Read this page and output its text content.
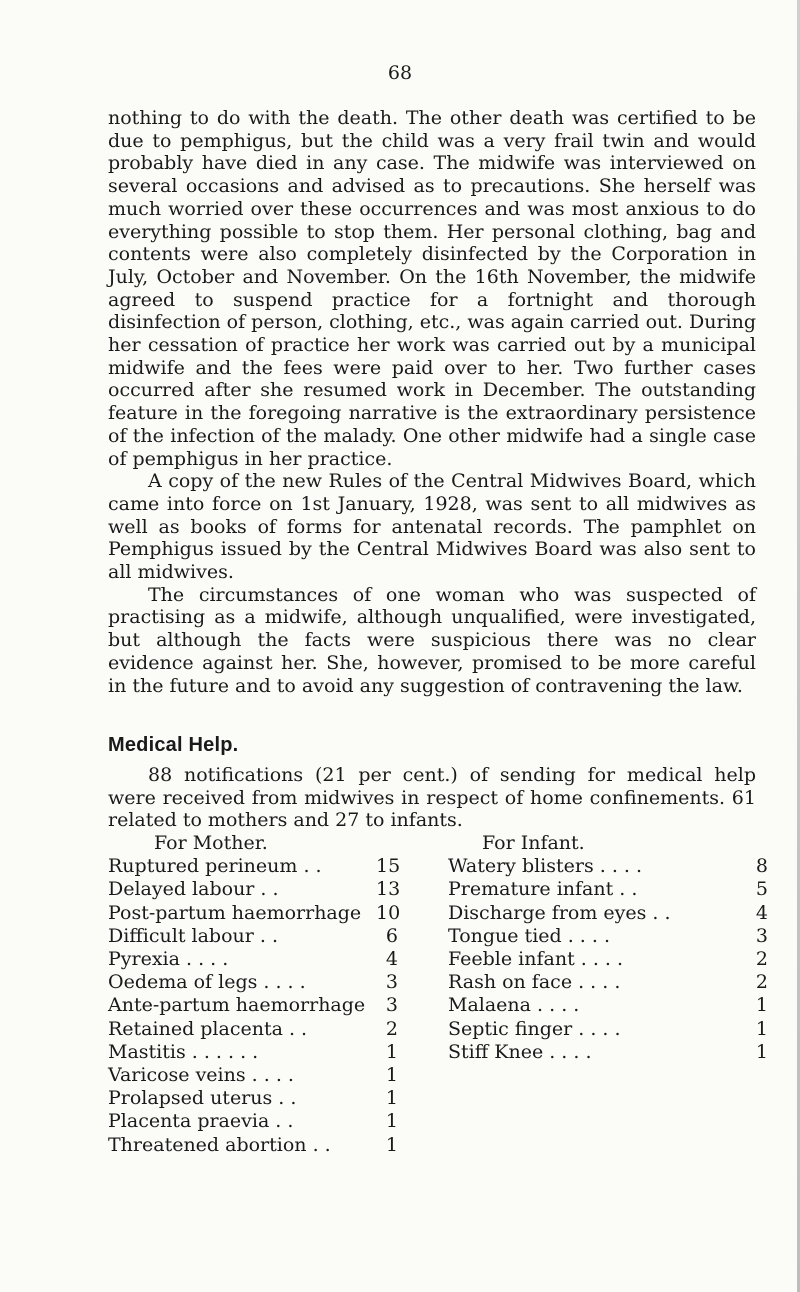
68

nothing to do with the death. The other death was certified to be due to pemphigus, but the child was a very frail twin and would probably have died in any case. The midwife was interviewed on several occasions and advised as to precautions. She herself was much worried over these occurrences and was most anxious to do everything possible to stop them. Her personal clothing, bag and contents were also completely disinfected by the Corporation in July, October and November. On the 16th November, the midwife agreed to suspend practice for a fortnight and thorough disinfection of person, clothing, etc., was again carried out. During her cessation of practice her work was carried out by a municipal midwife and the fees were paid over to her. Two further cases occurred after she resumed work in December. The outstanding feature in the foregoing narrative is the extraordinary persistence of the infection of the malady. One other midwife had a single case of pemphigus in her practice.

A copy of the new Rules of the Central Midwives Board, which came into force on 1st January, 1928, was sent to all midwives as well as books of forms for antenatal records. The pamphlet on Pemphigus issued by the Central Midwives Board was also sent to all midwives.

The circumstances of one woman who was suspected of practising as a midwife, although unqualified, were investigated, but although the facts were suspicious there was no clear evidence against her. She, however, promised to be more careful in the future and to avoid any suggestion of contravening the law.

Medical Help.

88 notifications (21 per cent.) of sending for medical help were received from midwives in respect of home confinements. 61 related to mothers and 27 to infants.

For Mother.
Ruptured perineum . .	15
Delayed labour . .	13
Post-partum haemorrhage 10
Difficult labour . .	6
Pyrexia . . . .	4
Oedema of legs . . . .	3
Ante-partum haemorrhage	3
Retained placenta . .	2
Mastitis . . . . . .	1
Varicose veins . . . .	1
Prolapsed uterus . .	1
Placenta praevia . .	1
Threatened abortion . .	1
For Infant.
Watery blisters . . . .	8
Premature infant . .	5
Discharge from eyes . .	4
Tongue tied . . . .	3
Feeble infant . . . .	2
Rash on face . . . .	2
Malaena . . . .	1
Septic finger . . . .	1
Stiff Knee . . . .	1
